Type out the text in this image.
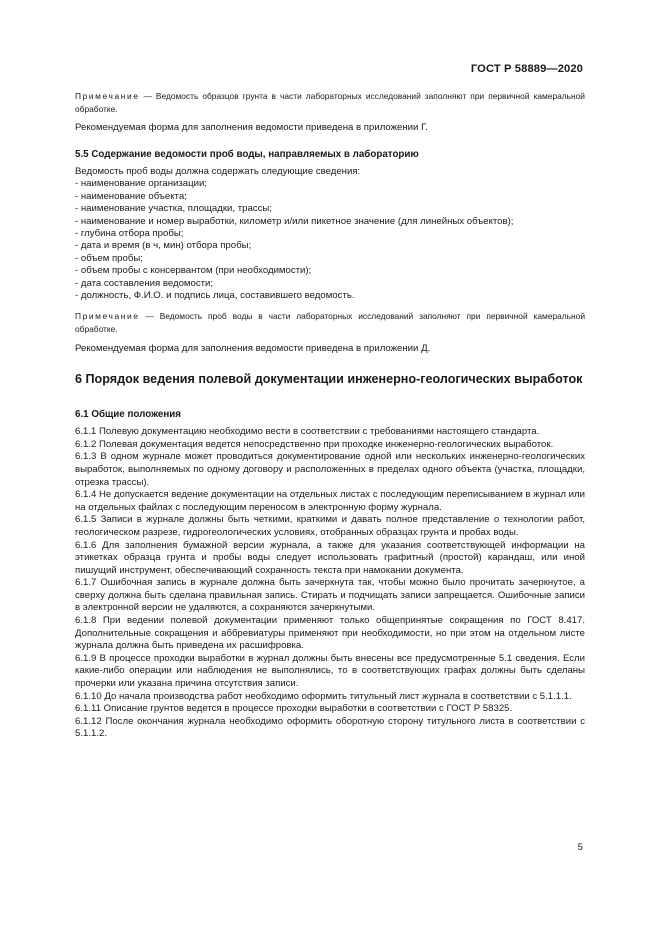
ГОСТ Р 58889—2020

Примечание — Ведомость образцов грунта в части лабораторных исследований заполняют при первичной камеральной обработке.

Рекомендуемая форма для заполнения ведомости приведена в приложении Г.

5.5 Содержание ведомости проб воды, направляемых в лабораторию

Ведомость проб воды должна содержать следующие сведения:

- наименование организации;

- наименование объекта;

- наименование участка, площадки, трассы;

- наименование и номер выработки, километр и/или пикетное значение (для линейных объектов);

- глубина отбора пробы;

- дата и время (в ч, мин) отбора пробы;

- объем пробы;

- объем пробы с консервантом (при необходимости);

- дата составления ведомости;

- должность, Ф.И.О. и подпись лица, составившего ведомость.

Примечание — Ведомость проб воды в части лабораторных исследований заполняют при первичной камеральной обработке.

Рекомендуемая форма для заполнения ведомости приведена в приложении Д.

6 Порядок ведения полевой документации инженерно-геологических выработок

6.1 Общие положения

6.1.1 Полевую документацию необходимо вести в соответствии с требованиями настоящего стандарта.

6.1.2 Полевая документация ведется непосредственно при проходке инженерно-геологических выработок.

6.1.3 В одном журнале может проводиться документирование одной или нескольких инженерно-геологических выработок, выполняемых по одному договору и расположенных в пределах одного объекта (участка, площадки, отрезка трассы).

6.1.4 Не допускается ведение документации на отдельных листах с последующим переписыванием в журнал или на отдельных файлах с последующим переносом в электронную форму журнала.

6.1.5 Записи в журнале должны быть четкими, краткими и давать полное представление о технологии работ, геологическом разрезе, гидрогеологических условиях, отобранных образцах грунта и пробах воды.

6.1.6 Для заполнения бумажной версии журнала, а также для указания соответствующей информации на этикетках образца грунта и пробы воды следует использовать графитный (простой) карандаш, или иной пишущий инструмент, обеспечивающий сохранность текста при намокании документа.

6.1.7 Ошибочная запись в журнале должна быть зачеркнута так, чтобы можно было прочитать зачеркнутое, а сверху должна быть сделана правильная запись. Стирать и подчищать записи запрещается. Ошибочные записи в электронной версии не удаляются, а сохраняются зачеркнутыми.

6.1.8 При ведении полевой документации применяют только общепринятые сокращения по ГОСТ 8.417. Дополнительные сокращения и аббревиатуры применяют при необходимости, но при этом на отдельном листе журнала должна быть приведена их расшифровка.

6.1.9 В процессе проходки выработки в журнал должны быть внесены все предусмотренные 5.1 сведения. Если какие-либо операции или наблюдения не выполнялись, то в соответствующих графах должны быть сделаны прочерки или указана причина отсутствия записи.

6.1.10 До начала производства работ необходимо оформить титульный лист журнала в соответствии с 5.1.1.1.

6.1.11 Описание грунтов ведется в процессе проходки выработки в соответствии с ГОСТ Р 58325.

6.1.12 После окончания журнала необходимо оформить оборотную сторону титульного листа в соответствии с 5.1.1.2.

5
